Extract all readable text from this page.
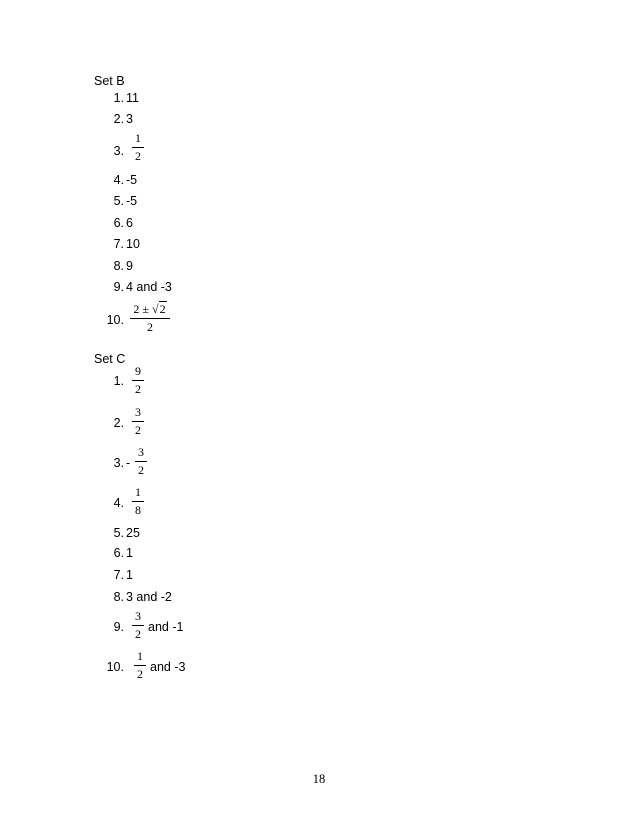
Set B
1. 11
2. 3
3.
1
2
4. -5
5. -5
6. 6
7. 10
8. 9
9. 4 and -3
10.
2 ± √2
2
Set C
1.
9
2
2.
3
2
3. -
3
2
4.
1
8
5. 25
6. 1
7. 1
8. 3 and -2
9. and -1
3
2
10. and -3
1
2
18
